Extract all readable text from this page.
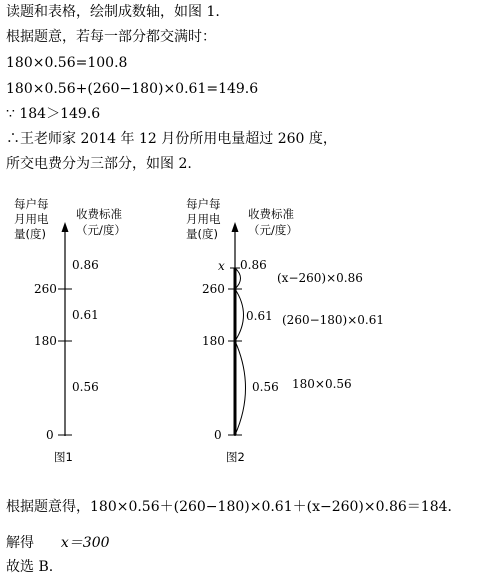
读题和表格，绘制成数轴，如图 1.
根据题意，若每一部分都交满时：
180×0.56=100.8
180×0.56+(260−180)×0.61=149.6
∵ 184＞149.6
∴王老师家 2014 年 12 月份所用电量超过 260 度，
所交电费分为三部分，如图 2.
每户每
月用电
量(度)
收费标准
（元/度）
0
180
260
0.56
0.61
0.86
图1
每户每
月用电
量(度)
收费标准
（元/度）
0
180
260
x
0.56
0.61
0.86
180×0.56
(260−180)×0.61
(x−260)×0.86
图2
根据题意得，180×0.56＋(260−180)×0.61＋(x−260)×0.86＝184．
解得 x＝300
故选 B.
